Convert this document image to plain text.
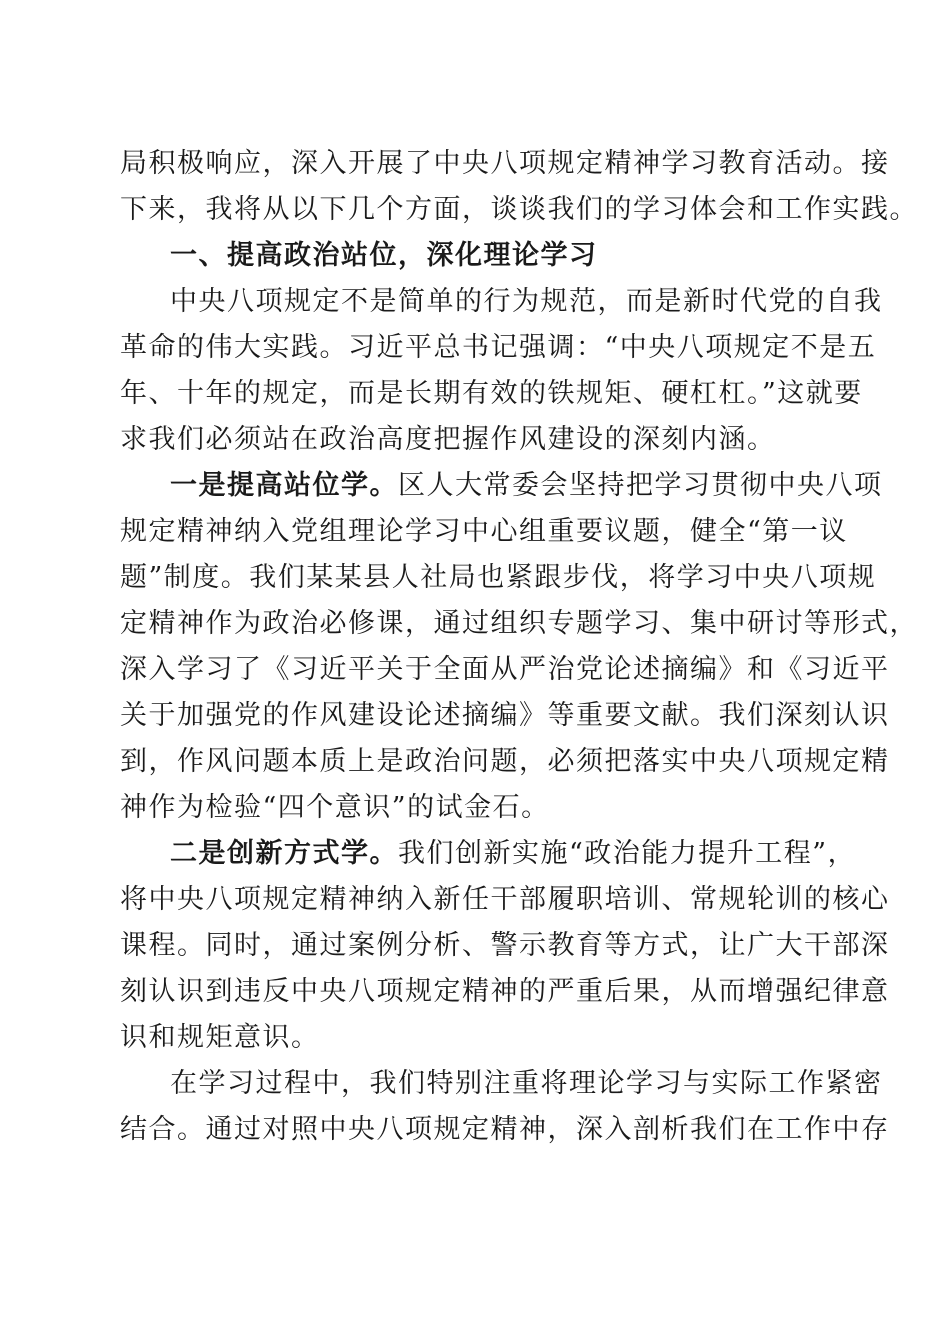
局积极响应，深入开展了中央八项规定精神学习教育活动。接
下来，我将从以下几个方面，谈谈我们的学习体会和工作实践。
一、提高政治站位，深化理论学习
中央八项规定不是简单的行为规范，而是新时代党的自我
革命的伟大实践。习近平总书记强调：“中央八项规定不是五
年、十年的规定，而是长期有效的铁规矩、硬杠杠。”这就要
求我们必须站在政治高度把握作风建设的深刻内涵。
一是提高站位学。区人大常委会坚持把学习贯彻中央八项
规定精神纳入党组理论学习中心组重要议题，健全“第一议
题”制度。我们某某县人社局也紧跟步伐，将学习中央八项规
定精神作为政治必修课，通过组织专题学习、集中研讨等形式，
深入学习了《习近平关于全面从严治党论述摘编》和《习近平
关于加强党的作风建设论述摘编》等重要文献。我们深刻认识
到，作风问题本质上是政治问题，必须把落实中央八项规定精
神作为检验“四个意识”的试金石。
二是创新方式学。我们创新实施“政治能力提升工程”，
将中央八项规定精神纳入新任干部履职培训、常规轮训的核心
课程。同时，通过案例分析、警示教育等方式，让广大干部深
刻认识到违反中央八项规定精神的严重后果，从而增强纪律意
识和规矩意识。
在学习过程中，我们特别注重将理论学习与实际工作紧密
结合。通过对照中央八项规定精神，深入剖析我们在工作中存
